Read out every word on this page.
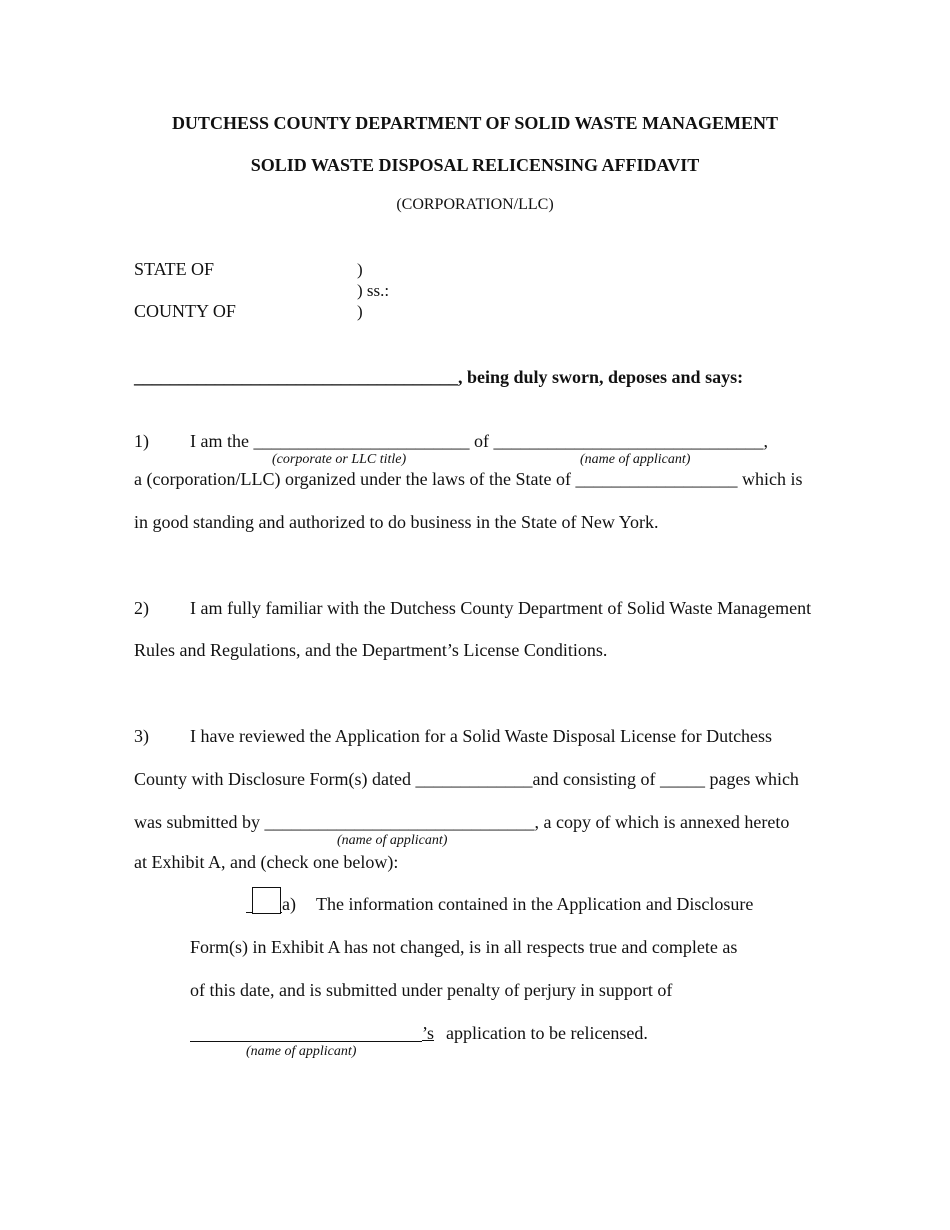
DUTCHESS COUNTY DEPARTMENT OF SOLID WASTE MANAGEMENT
SOLID WASTE DISPOSAL RELICENSING AFFIDAVIT
(CORPORATION/LLC)
STATE OF	)
) ss.:
COUNTY OF	)
____________________________________, being duly sworn, deposes and says:
1) I am the ________________________ of ______________________________,
(corporate or LLC title)	(name of applicant)
a (corporation/LLC) organized under the laws of the State of __________________ which is
in good standing and authorized to do business in the State of New York.
2) I am fully familiar with the Dutchess County Department of Solid Waste Management
Rules and Regulations, and the Department’s License Conditions.
3) I have reviewed the Application for a Solid Waste Disposal License for Dutchess
County with Disclosure Form(s) dated _____________and consisting of _____ pages which
was submitted by ______________________________, a copy of which is annexed hereto
(name of applicant)
at Exhibit A, and (check one below):
a) The information contained in the Application and Disclosure
Form(s) in Exhibit A has not changed, is in all respects true and complete as
of this date, and is submitted under penalty of perjury in support of
’s application to be relicensed.
(name of applicant)
